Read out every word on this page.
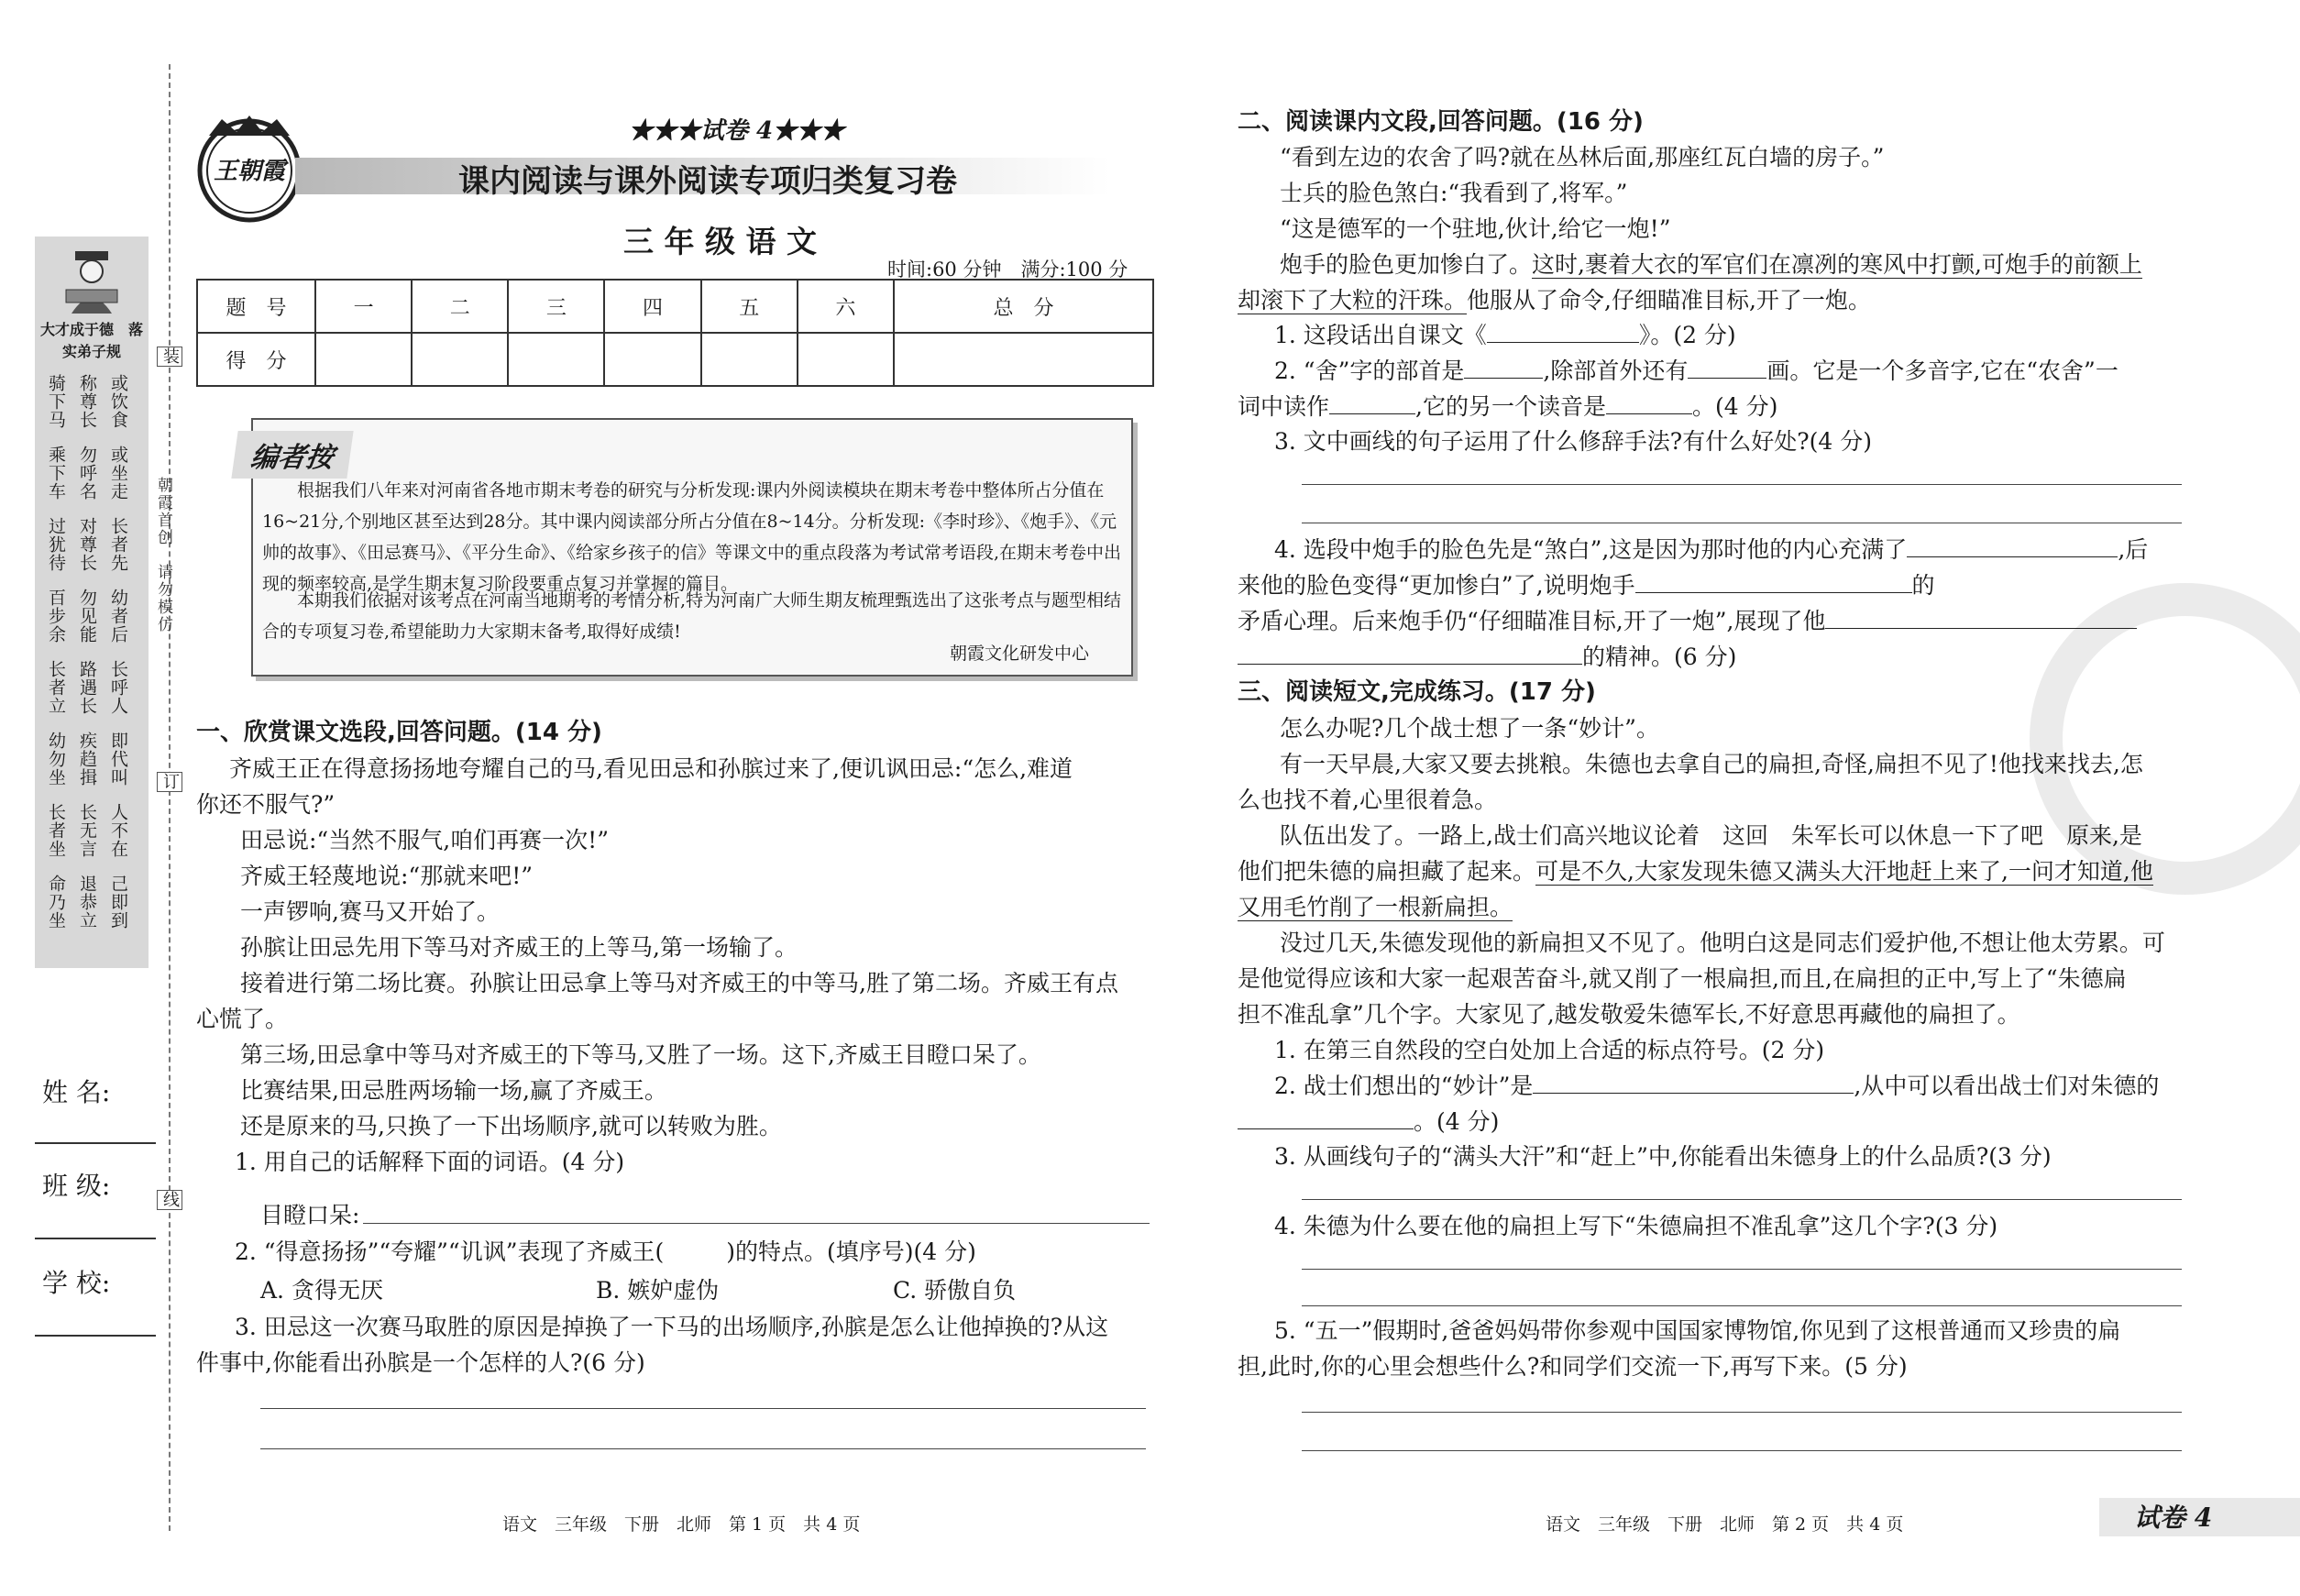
装
订
线
朝霞首创　请勿模仿
大才成于德　落实弟子规
骑下马 称尊长 或饮食
乘下车 勿呼名 或坐走
过犹待 对尊长 长者先
百步余 勿见能 幼者后
长者立 路遇长 长呼人
幼勿坐 疾趋揖 即代叫
长者坐 长无言 人不在
命乃坐 退恭立 己即到
姓 名:
班 级:
学 校:
王朝霞
★★★试卷 4★★★
课内阅读与课外阅读专项归类复习卷
三 年 级 语 文
时间:60 分钟　满分:100 分
题　号	一	二	三	四	五	六	总　分
得　分							
编者按
根据我们八年来对河南省各地市期末考卷的研究与分析发现:课内外阅读模块在期末考卷中整体所占分值在16~21分,个别地区甚至达到28分。其中课内阅读部分所占分值在8~14分。分析发现:《李时珍》、《炮手》、《元帅的故事》、《田忌赛马》、《平分生命》、《给家乡孩子的信》等课文中的重点段落为考试常考语段,在期末考卷中出现的频率较高,是学生期末复习阶段要重点复习并掌握的篇目。
本期我们依据对该考点在河南当地期考的考情分析,特为河南广大师生期友梳理甄选出了这张考点与题型相结合的专项复习卷,希望能助力大家期末备考,取得好成绩!
朝霞文化研发中心
一、欣赏课文选段,回答问题。(14 分)
齐威王正在得意扬扬地夸耀自己的马,看见田忌和孙膑过来了,便讥讽田忌:“怎么,难道
你还不服气?”
田忌说:“当然不服气,咱们再赛一次!”
齐威王轻蔑地说:“那就来吧!”
一声锣响,赛马又开始了。
孙膑让田忌先用下等马对齐威王的上等马,第一场输了。
接着进行第二场比赛。孙膑让田忌拿上等马对齐威王的中等马,胜了第二场。齐威王有点
心慌了。
第三场,田忌拿中等马对齐威王的下等马,又胜了一场。这下,齐威王目瞪口呆了。
比赛结果,田忌胜两场输一场,赢了齐威王。
还是原来的马,只换了一下出场顺序,就可以转败为胜。
1. 用自己的话解释下面的词语。(4 分)
目瞪口呆:
2. “得意扬扬”“夸耀”“讥讽”表现了齐威王(	)的特点。(填序号)(4 分)
A. 贪得无厌	B. 嫉妒虚伪	C. 骄傲自负
3. 田忌这一次赛马取胜的原因是掉换了一下马的出场顺序,孙膑是怎么让他掉换的?从这
件事中,你能看出孙膑是一个怎样的人?(6 分)
语文　三年级　下册　北师　第 1 页　共 4 页
二、阅读课内文段,回答问题。(16 分)
“看到左边的农舍了吗?就在丛林后面,那座红瓦白墙的房子。”
士兵的脸色煞白:“我看到了,将军。”
“这是德军的一个驻地,伙计,给它一炮!”
炮手的脸色更加惨白了。这时,裹着大衣的军官们在凛冽的寒风中打颤,可炮手的前额上
却滚下了大粒的汗珠。他服从了命令,仔细瞄准目标,开了一炮。
1. 这段话出自课文《	》。(2 分)
2. “舍”字的部首是	,除部首外还有	画。它是一个多音字,它在“农舍”一
词中读作	,它的另一个读音是	。(4 分)
3. 文中画线的句子运用了什么修辞手法?有什么好处?(4 分)
4. 选段中炮手的脸色先是“煞白”,这是因为那时他的内心充满了	,后
来他的脸色变得“更加惨白”了,说明炮手	的
矛盾心理。后来炮手仍“仔细瞄准目标,开了一炮”,展现了他
的精神。(6 分)
三、阅读短文,完成练习。(17 分)
怎么办呢?几个战士想了一条“妙计”。
有一天早晨,大家又要去挑粮。朱德也去拿自己的扁担,奇怪,扁担不见了!他找来找去,怎
么也找不着,心里很着急。
队伍出发了。一路上,战士们高兴地议论着　这回　朱军长可以休息一下了吧　原来,是
他们把朱德的扁担藏了起来。可是不久,大家发现朱德又满头大汗地赶上来了,一问才知道,他
又用毛竹削了一根新扁担。
没过几天,朱德发现他的新扁担又不见了。他明白这是同志们爱护他,不想让他太劳累。可
是他觉得应该和大家一起艰苦奋斗,就又削了一根扁担,而且,在扁担的正中,写上了“朱德扁
担不准乱拿”几个字。大家见了,越发敬爱朱德军长,不好意思再藏他的扁担了。
1. 在第三自然段的空白处加上合适的标点符号。(2 分)
2. 战士们想出的“妙计”是	,从中可以看出战士们对朱德的
。(4 分)
3. 从画线句子的“满头大汗”和“赶上”中,你能看出朱德身上的什么品质?(3 分)
4. 朱德为什么要在他的扁担上写下“朱德扁担不准乱拿”这几个字?(3 分)
5. “五一”假期时,爸爸妈妈带你参观中国国家博物馆,你见到了这根普通而又珍贵的扁
担,此时,你的心里会想些什么?和同学们交流一下,再写下来。(5 分)
语文　三年级　下册　北师　第 2 页　共 4 页	试卷 4
